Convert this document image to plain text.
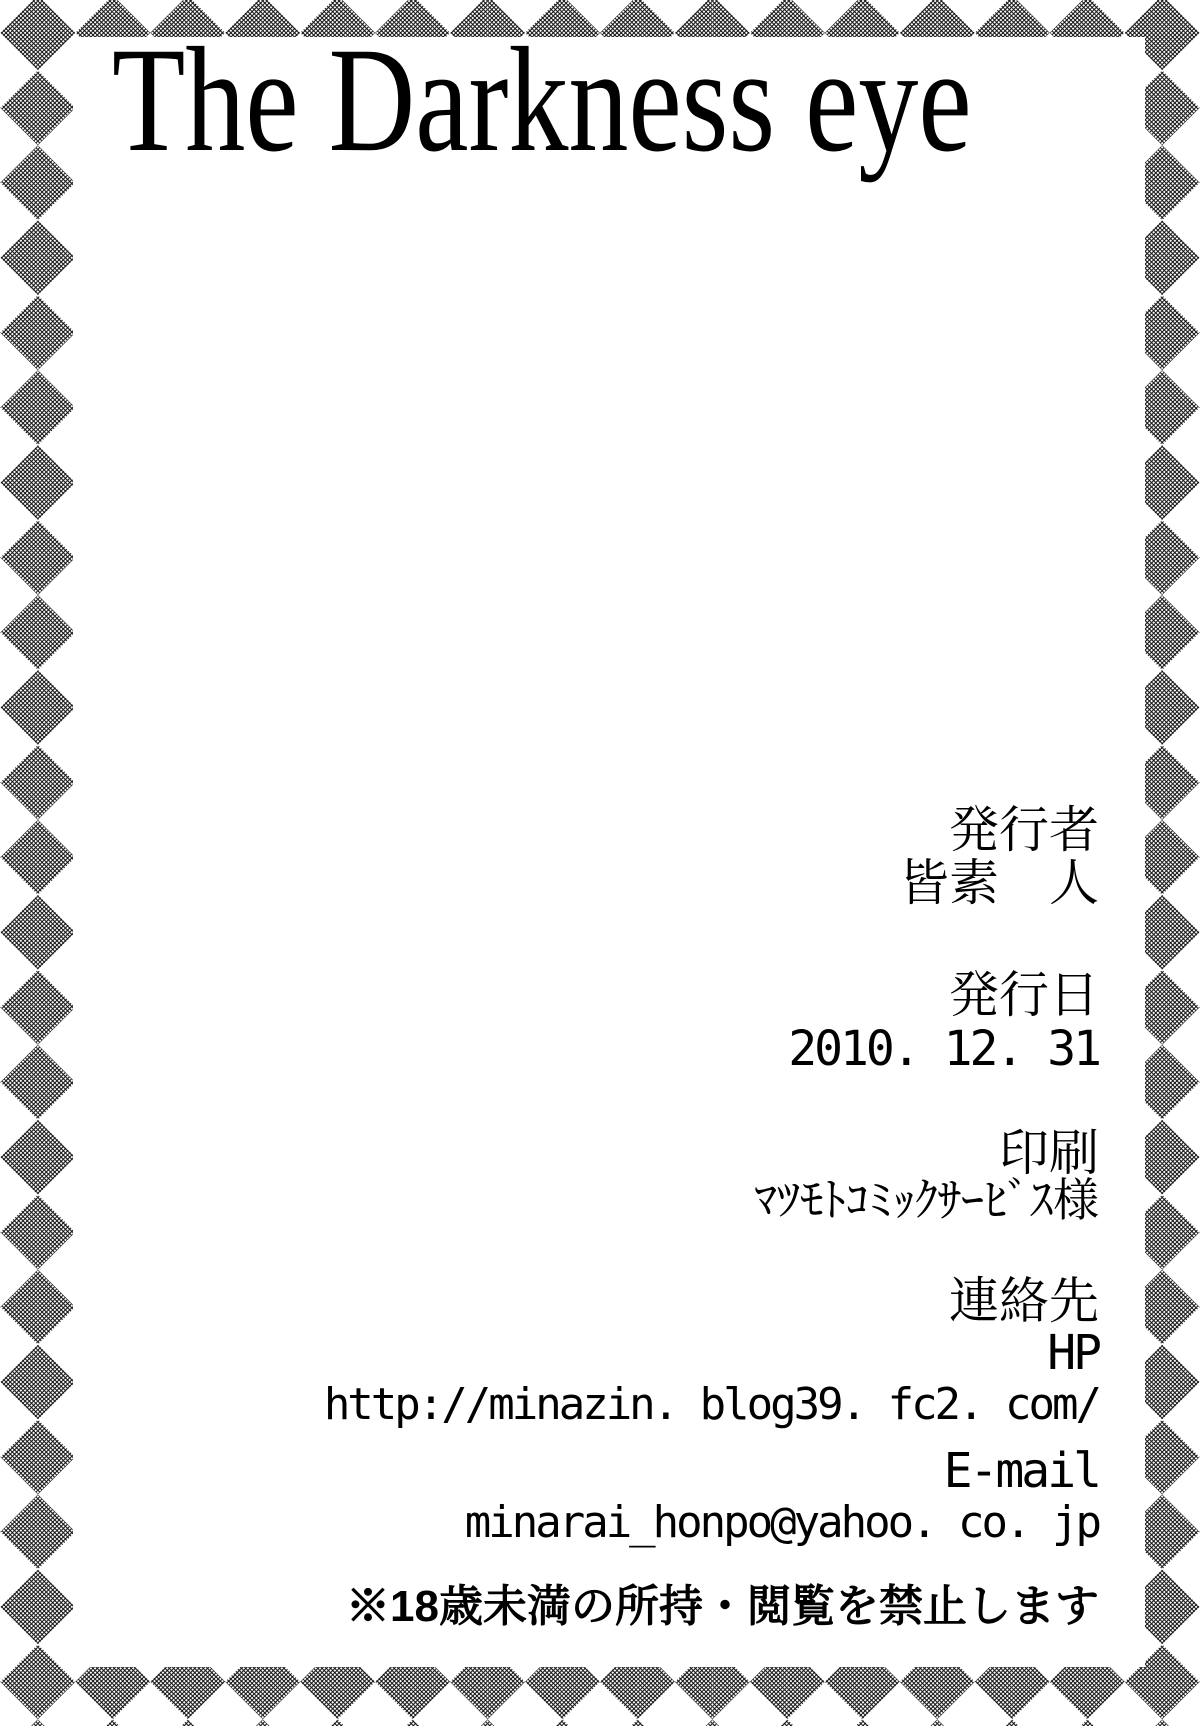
The Darkness eye
発行者
皆素　人
発行日
2010. 12. 31
印刷
ﾏﾂﾓﾄｺﾐｯｸｻｰﾋﾞｽ様
連絡先
HP
http://minazin. blog39. fc2. com/
E-mail
minarai_honpo@yahoo. co. jp
※18歳未満の所持・閲覧を禁止します
